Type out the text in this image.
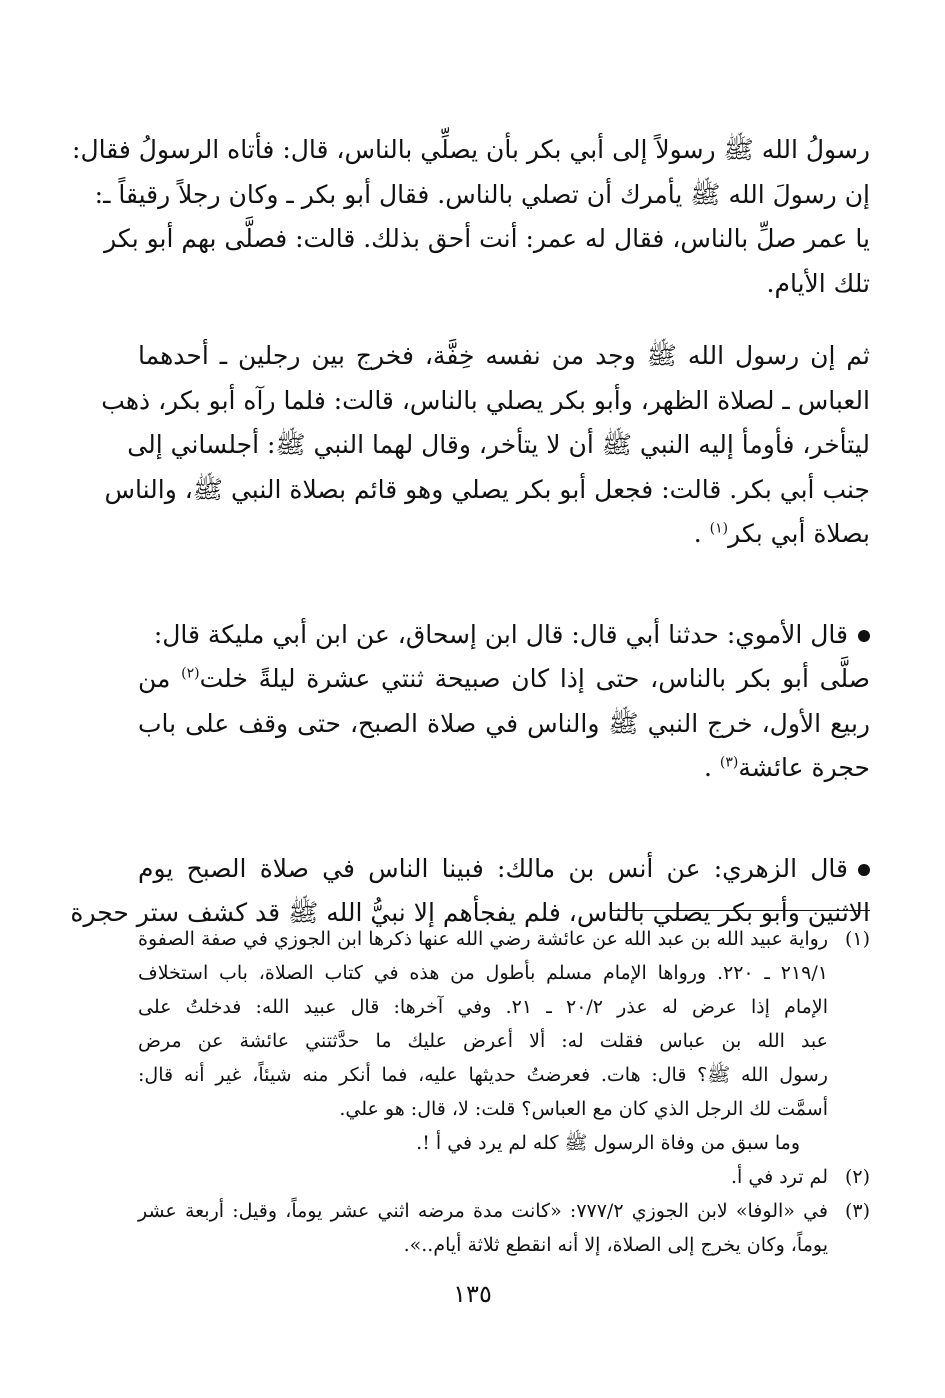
رسولُ الله ﷺ رسولاً إلى أبي بكر بأن يصلِّي بالناس، قال: فأتاه الرسولُ فقال:
إن رسولَ الله ﷺ يأمرك أن تصلي بالناس. فقال أبو بكر ـ وكان رجلاً رقيقاً ـ:
يا عمر صلِّ بالناس، فقال له عمر: أنت أحق بذلك. قالت: فصلَّى بهم أبو بكر
تلك الأيام.

ثم إن رسول الله ﷺ وجد من نفسه خِفَّة، فخرج بين رجلين ـ أحدهما
العباس ـ لصلاة الظهر، وأبو بكر يصلي بالناس، قالت: فلما رآه أبو بكر، ذهب
ليتأخر، فأومأ إليه النبي ﷺ أن لا يتأخر، وقال لهما النبي ﷺ: أجلساني إلى
جنب أبي بكر. قالت: فجعل أبو بكر يصلي وهو قائم بصلاة النبي ﷺ، والناس
بصلاة أبي بكر$^{(١)}$ .

قال الأموي: حدثنا أبي قال: قال ابن إسحاق، عن ابن أبي مليكة قال:
صلَّى أبو بكر بالناس، حتى إذا كان صبيحة ثنتي عشرة ليلةً خلت$^{(٢)}$ من
ربيع الأول، خرج النبي ﷺ والناس في صلاة الصبح، حتى وقف على باب
حجرة عائشة$^{(٣)}$ .

قال الزهري: عن أنس بن مالك: فبينا الناس في صلاة الصبح يوم
الاثنين وأبو بكر يصلي بالناس، فلم يفجأهم إلا نبيُّ الله ﷺ قد كشف ستر حجرة

(١)
رواية عبيد الله بن عبد الله عن عائشة رضي الله عنها ذكرها ابن الجوزي في صفة الصفوة
٢١٩/١ ـ ٢٢٠. ورواها الإمام مسلم بأطول من هذه في كتاب الصلاة، باب استخلاف
الإمام إذا عرض له عذر ٢٠/٢ ـ ٢١. وفي آخرها: قال عبيد الله: فدخلتُ على
عبد الله بن عباس فقلت له: ألا أعرض عليك ما حدَّثتني عائشة عن مرض
رسول الله ﷺ؟ قال: هات. فعرضتُ حديثها عليه، فما أنكر منه شيئاً، غير أنه قال:
أسمَّت لك الرجل الذي كان مع العباس؟ قلت: لا، قال: هو علي.
وما سبق من وفاة الرسول ﷺ كله لم يرد في أ !.
(٢)
لم ترد في أ.
(٣)
في «الوفا» لابن الجوزي ٧٧٧/٢: «كانت مدة مرضه اثني عشر يوماً، وقيل: أربعة عشر
يوماً، وكان يخرج إلى الصلاة، إلا أنه انقطع ثلاثة أيام..».
١٣٥
